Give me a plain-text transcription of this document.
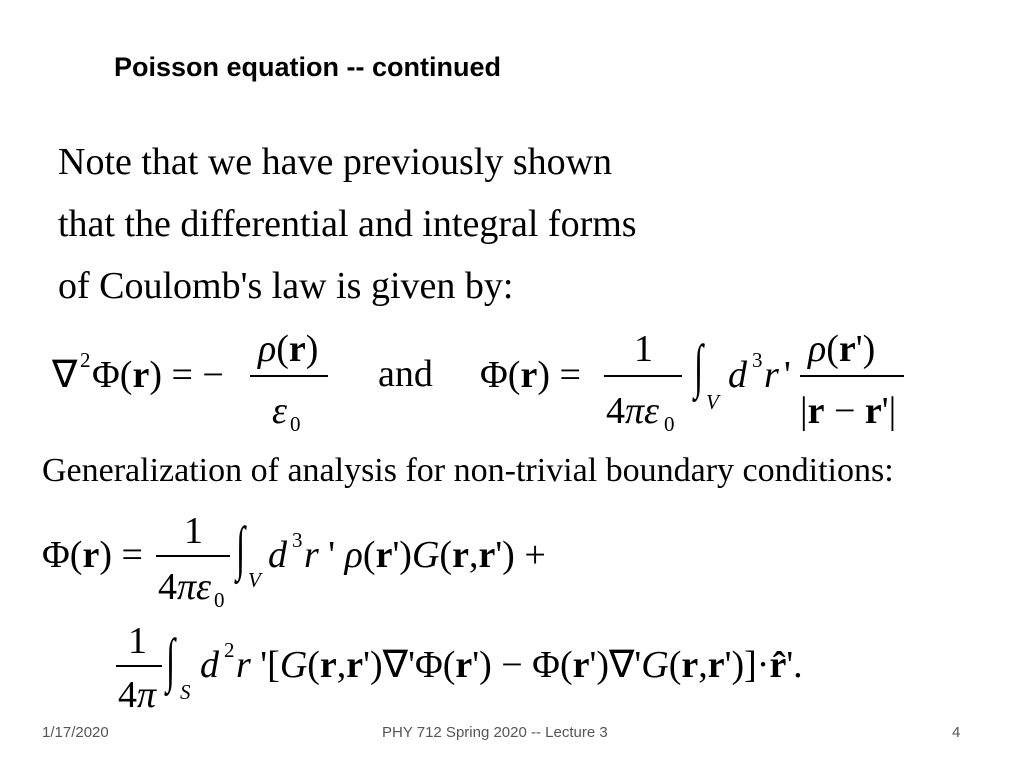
Poisson equation -- continued
Note that we have previously shown
that the differential and integral forms
of Coulomb's law is given by:
∇ 2 Φ(r) = −
ρ(r)
ε 0
and Φ(r) =
1
4πε 0
∫
V
d 3 r '
ρ(r')
|r − r'|
Generalization of analysis for non-trivial boundary conditions:
Φ(r) =
1
4πε 0
∫ V
d 3 r ' ρ(r')G(r,r') +
1
4π
∫ S
d 2 r '[G(r,r')∇'Φ(r') − Φ(r')∇'G(r,r')]·r̂'.
1/17/2020	PHY 712 Spring 2020 -- Lecture 3	4
